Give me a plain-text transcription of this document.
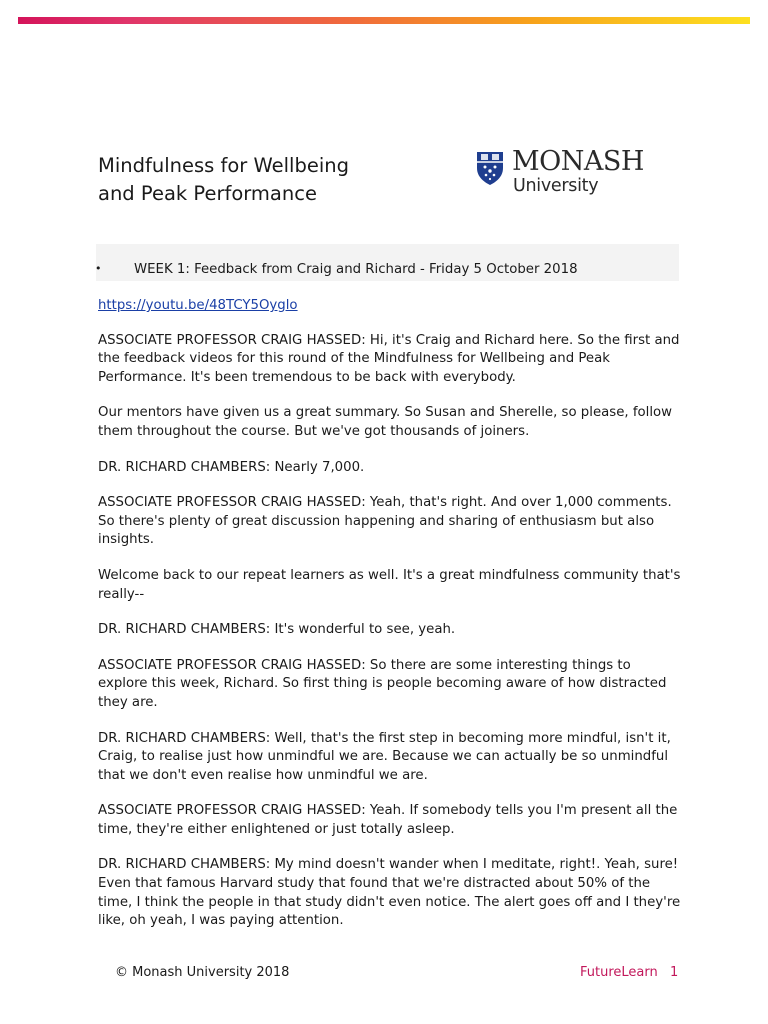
Mindfulness for Wellbeing
and Peak Performance
MONASH
University
• WEEK 1: Feedback from Craig and Richard - Friday 5 October 2018

https://youtu.be/48TCY5Oyglo

ASSOCIATE PROFESSOR CRAIG HASSED: Hi, it's Craig and Richard here. So the first and the feedback videos for this round of the Mindfulness for Wellbeing and Peak Performance. It's been tremendous to be back with everybody.

Our mentors have given us a great summary. So Susan and Sherelle, so please, follow them throughout the course. But we've got thousands of joiners.

DR. RICHARD CHAMBERS: Nearly 7,000.

ASSOCIATE PROFESSOR CRAIG HASSED: Yeah, that's right. And over 1,000 comments. So there's plenty of great discussion happening and sharing of enthusiasm but also insights.

Welcome back to our repeat learners as well. It's a great mindfulness community that's really--

DR. RICHARD CHAMBERS: It's wonderful to see, yeah.

ASSOCIATE PROFESSOR CRAIG HASSED: So there are some interesting things to explore this week, Richard. So first thing is people becoming aware of how distracted they are.

DR. RICHARD CHAMBERS: Well, that's the first step in becoming more mindful, isn't it, Craig, to realise just how unmindful we are. Because we can actually be so unmindful that we don't even realise how unmindful we are.

ASSOCIATE PROFESSOR CRAIG HASSED: Yeah. If somebody tells you I'm present all the time, they're either enlightened or just totally asleep.

DR. RICHARD CHAMBERS: My mind doesn't wander when I meditate, right!. Yeah, sure! Even that famous Harvard study that found that we're distracted about 50% of the time, I think the people in that study didn't even notice. The alert goes off and I they're like, oh yeah, I was paying attention.

© Monash University 2018	FutureLearn 1
